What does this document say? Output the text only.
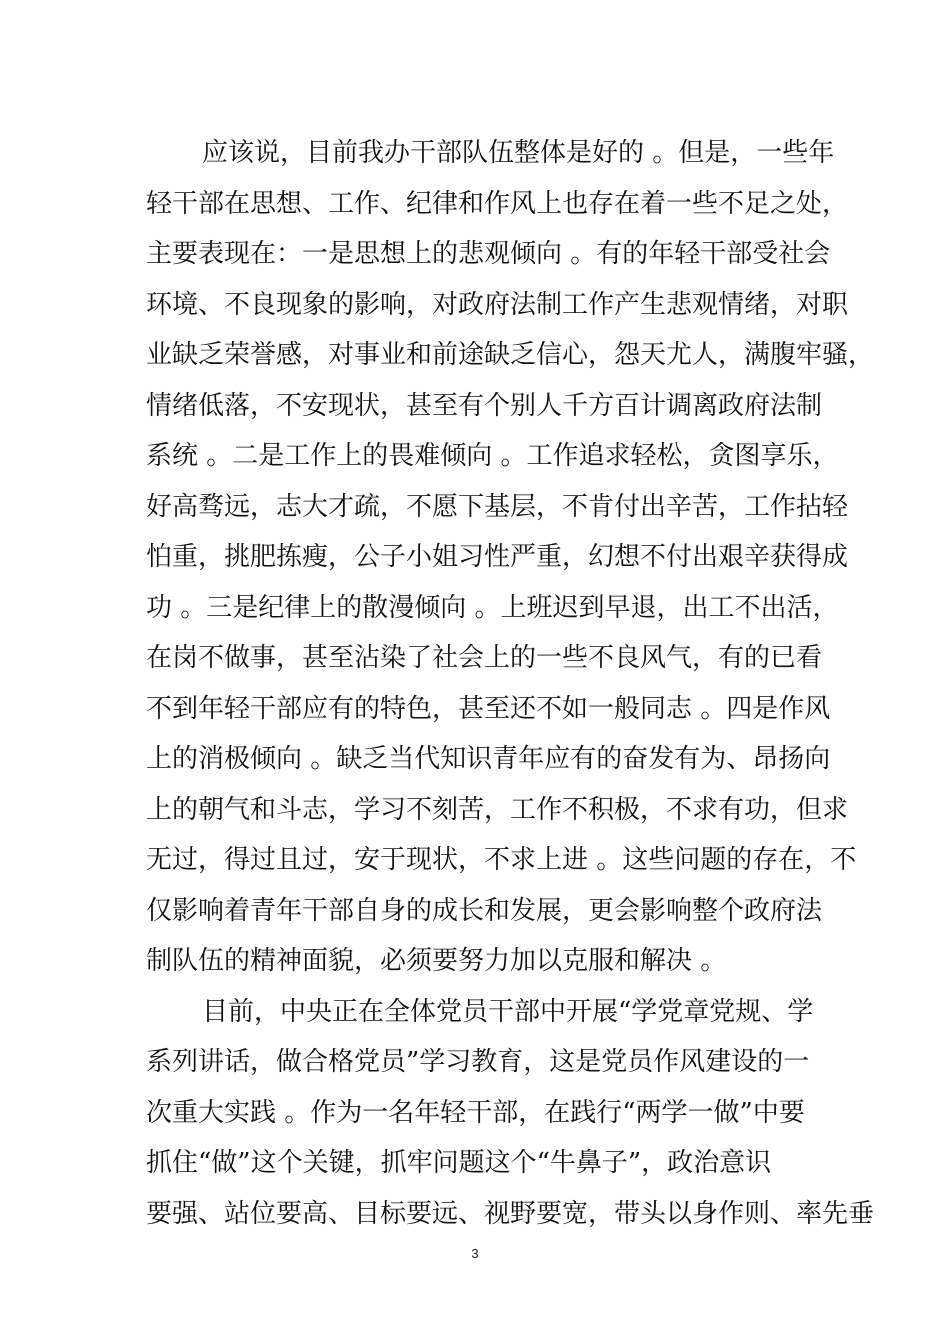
应该说，目前我办干部队伍整体是好的 。但是，一些年
轻干部在思想、工作、纪律和作风上也存在着一些不足之处，
主要表现在：一是思想上的悲观倾向 。有的年轻干部受社会
环境、不良现象的影响，对政府法制工作产生悲观情绪，对职
业缺乏荣誉感，对事业和前途缺乏信心，怨天尤人，满腹牢骚，
情绪低落，不安现状，甚至有个别人千方百计调离政府法制
系统 。二是工作上的畏难倾向 。工作追求轻松，贪图享乐，
好高骛远，志大才疏，不愿下基层，不肯付出辛苦，工作拈轻
怕重，挑肥拣瘦，公子小姐习性严重，幻想不付出艰辛获得成
功 。三是纪律上的散漫倾向 。上班迟到早退，出工不出活，
在岗不做事，甚至沾染了社会上的一些不良风气，有的已看
不到年轻干部应有的特色，甚至还不如一般同志 。四是作风
上的消极倾向 。缺乏当代知识青年应有的奋发有为、昂扬向
上的朝气和斗志，学习不刻苦，工作不积极，不求有功，但求
无过，得过且过，安于现状，不求上进 。这些问题的存在，不
仅影响着青年干部自身的成长和发展，更会影响整个政府法
制队伍的精神面貌，必须要努力加以克服和解决 。
目前，中央正在全体党员干部中开展“学党章党规、学
系列讲话，做合格党员”学习教育，这是党员作风建设的一
次重大实践 。作为一名年轻干部，在践行“两学一做”中要
抓住“做”这个关键，抓牢问题这个“牛鼻子”，政治意识
要强、站位要高、目标要远、视野要宽，带头以身作则、率先垂
3
